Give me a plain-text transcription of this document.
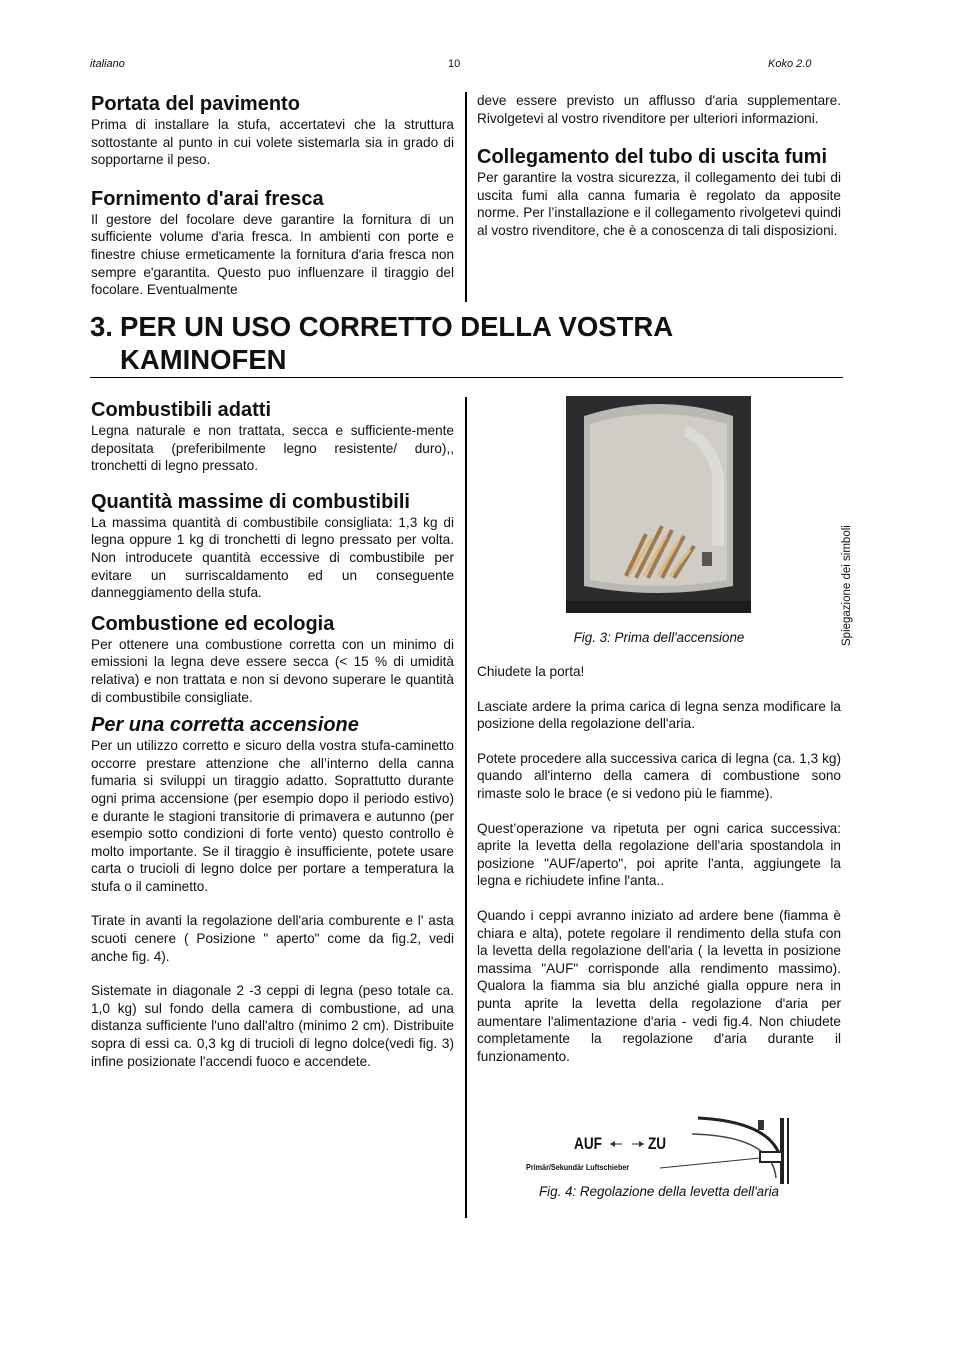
italiano	10	Koko 2.0
Portata del pavimento

Prima di installare la stufa, accertatevi che la struttura sottostante al punto in cui volete sistemarla sia in grado di sopportarne il peso.

Fornimento d'arai fresca

Il gestore del focolare deve garantire la fornitura di un sufficiente volume d'aria fresca. In ambienti con porte e finestre chiuse ermeticamente la fornitura d'aria fresca non sempre e'garantita. Questo puo influenzare il tiraggio del focolare. Eventualmente

deve essere previsto un afflusso d'aria supplementare. Rivolgetevi al vostro rivenditore per ulteriori informazioni.

Collegamento del tubo di uscita fumi

Per garantire la vostra sicurezza, il collegamento dei tubi di uscita fumi alla canna fumaria è regolato da apposite norme. Per l’installazione e il collegamento rivolgetevi quindi al vostro rivenditore, che è a conoscenza di tali disposizioni.

3. PER UN USO CORRETTO DELLA VOSTRA
KAMINOFEN
Combustibili adatti

Legna naturale e non trattata, secca e sufficiente-mente depositata (preferibilmente legno resistente/ duro),, tronchetti di legno pressato.

Quantità massime di combustibili

La massima quantità di combustibile consigliata: 1,3 kg di legna oppure 1 kg di tronchetti di legno pressato per volta. Non introducete quantità eccessive di combustibile per evitare un surriscaldamento ed un conseguente danneggiamento della stufa.

Combustione ed ecologia

Per ottenere una combustione corretta con un minimo di emissioni la legna deve essere secca (< 15 % di umidità relativa) e non trattata e non si devono superare le quantità di combustibile consigliate.

Per una corretta accensione

Per un utilizzo corretto e sicuro della vostra stufa-caminetto occorre prestare attenzione che all’interno della canna fumaria si sviluppi un tiraggio adatto. Soprattutto durante ogni prima accensione (per esempio dopo il periodo estivo) e durante le stagioni transitorie di primavera e autunno (per esempio sotto condizioni di forte vento) questo controllo è molto importante. Se il tiraggio è insufficiente, potete usare carta o trucioli di legno dolce per portare a temperatura la stufa o il caminetto.

Tirate in avanti la regolazione dell'aria comburente e l' asta scuoti cenere ( Posizione " aperto" come da fig.2, vedi anche fig. 4).

Sistemate in diagonale 2 -3 ceppi di legna (peso totale ca. 1,0 kg) sul fondo della camera di combustione, ad una distanza sufficiente l'uno dall'altro (minimo 2 cm). Distribuite sopra di essi ca. 0,3 kg di trucioli di legno dolce(vedi fig. 3) infine posizionate l'accendi fuoco e accendete.

Fig. 3: Prima dell'accensione

Chiudete la porta!

Lasciate ardere la prima carica di legna senza modificare la posizione della regolazione dell'aria.

Potete procedere alla successiva carica di legna (ca. 1,3 kg) quando all'interno della camera di combustione sono rimaste solo le brace (e si vedono più le fiamme).

Quest’operazione va ripetuta per ogni carica successiva: aprite la levetta della regolazione dell'aria spostandola in posizione "AUF/aperto", poi aprite l'anta, aggiungete la legna e richiudete infine l'anta..

Quando i ceppi avranno iniziato ad ardere bene (fiamma è chiara e alta), potete regolare il rendimento della stufa con la levetta della regolazione dell'aria ( la levetta in posizione massima "AUF" corrisponde alla rendimento massimo). Qualora la fiamma sia blu anziché gialla oppure nera in punta aprite la levetta della regolazione d'aria per aumentare l'alimentazione d'aria - vedi fig.4. Non chiudete completamente la regolazione d'aria durante il funzionamento.

AUF	ZU
Primär/Sekundär Luftschieber
Fig. 4: Regolazione della levetta dell'aria
Spiegazione dei simboli
